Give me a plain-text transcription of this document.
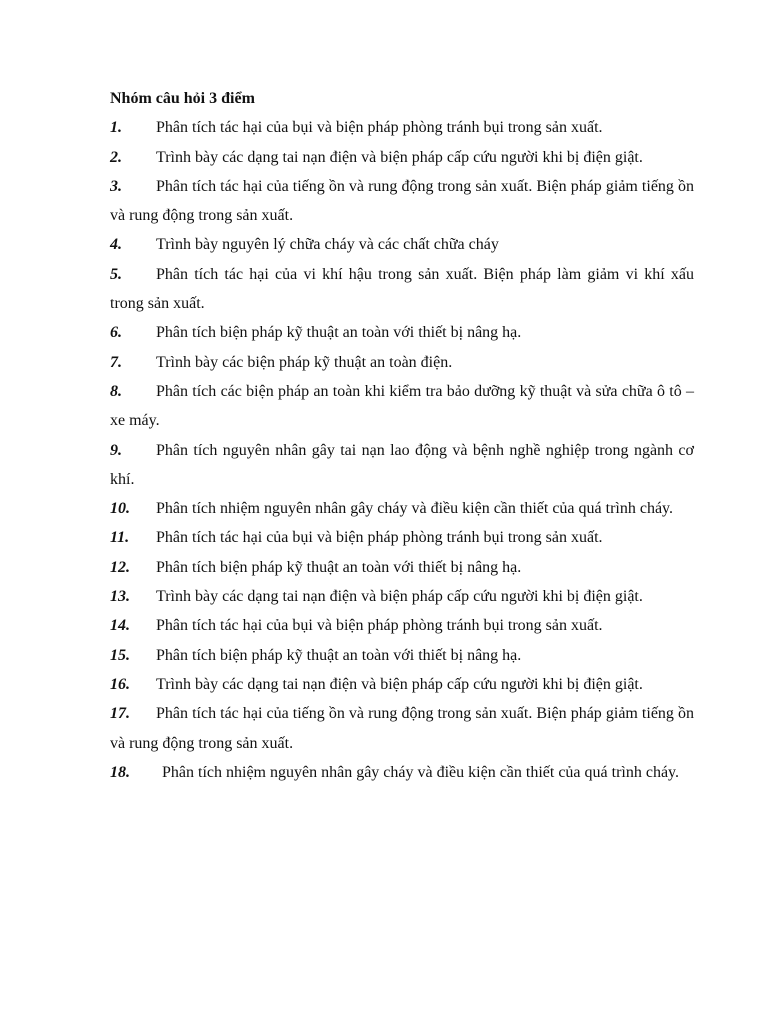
Nhóm câu hỏi 3 điểm

1. Phân tích tác hại của bụi và biện pháp phòng tránh bụi trong sản xuất.

2. Trình bày các dạng tai nạn điện và biện pháp cấp cứu người khi bị điện giật.

3. Phân tích tác hại của tiếng ồn và rung động trong sản xuất. Biện pháp giảm tiếng ồn và rung động trong sản xuất.

4. Trình bày nguyên lý chữa cháy và các chất chữa cháy

5. Phân tích tác hại của vi khí hậu trong sản xuất. Biện pháp làm giảm vi khí xấu trong sản xuất.

6. Phân tích biện pháp kỹ thuật an toàn với thiết bị nâng hạ.

7. Trình bày các biện pháp kỹ thuật an toàn điện.

8. Phân tích các biện pháp an toàn khi kiểm tra bảo dưỡng kỹ thuật và sửa chữa ô tô – xe máy.

9. Phân tích nguyên nhân gây tai nạn lao động và bệnh nghề nghiệp trong ngành cơ khí.

10. Phân tích nhiệm nguyên nhân gây cháy và điều kiện cần thiết của quá trình cháy.

11. Phân tích tác hại của bụi và biện pháp phòng tránh bụi trong sản xuất.

12. Phân tích biện pháp kỹ thuật an toàn với thiết bị nâng hạ.

13. Trình bày các dạng tai nạn điện và biện pháp cấp cứu người khi bị điện giật.

14. Phân tích tác hại của bụi và biện pháp phòng tránh bụi trong sản xuất.

15. Phân tích biện pháp kỹ thuật an toàn với thiết bị nâng hạ.

16. Trình bày các dạng tai nạn điện và biện pháp cấp cứu người khi bị điện giật.

17. Phân tích tác hại của tiếng ồn và rung động trong sản xuất. Biện pháp giảm tiếng ồn và rung động trong sản xuất.

18. Phân tích nhiệm nguyên nhân gây cháy và điều kiện cần thiết của quá trình cháy.
